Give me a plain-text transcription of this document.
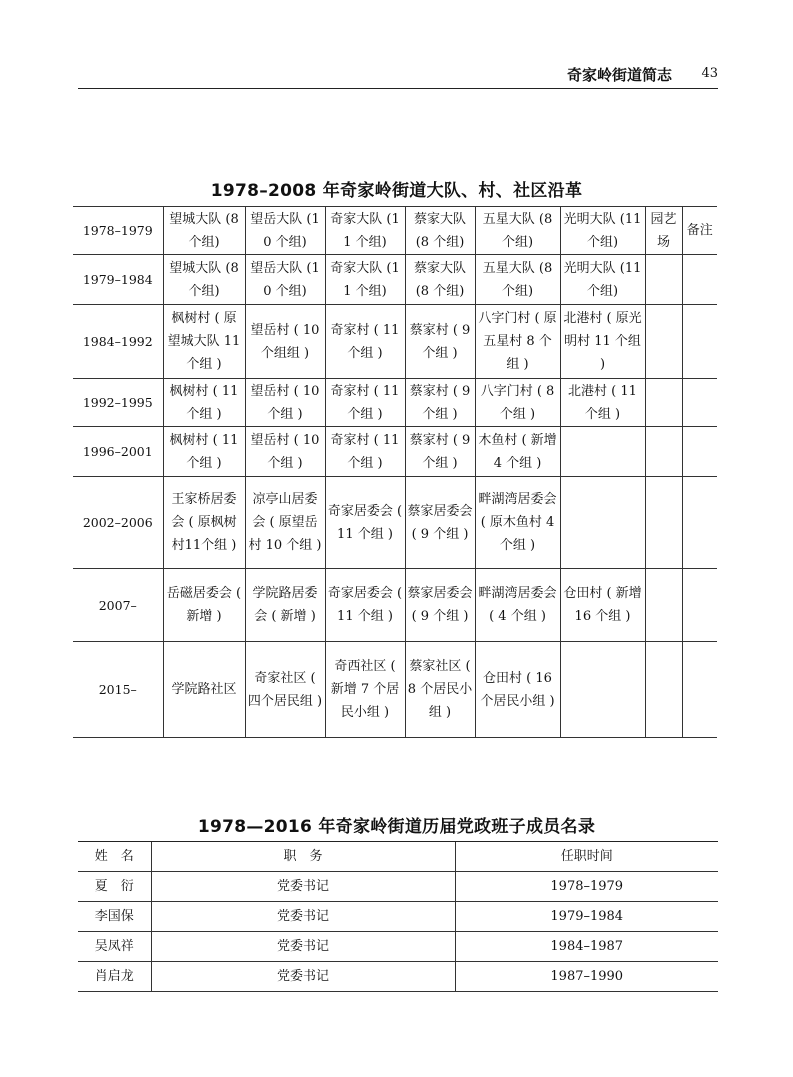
奇家岭街道简志 43
1978–2008 年奇家岭街道大队、村、社区沿革
1978–1979	望城大队 (8 个组)	望岳大队 (10 个组)	奇家大队 (11 个组)	蔡家大队 (8 个组)	五星大队 (8 个组)	光明大队 (11 个组)	园艺场	备注
1979–1984	望城大队 (8 个组)	望岳大队 (10 个组)	奇家大队 (11 个组)	蔡家大队 (8 个组)	五星大队 (8 个组)	光明大队 (11 个组)		
1984–1992	枫树村 ( 原望城大队 11 个组 )	望岳村 ( 10 个组组 )	奇家村 ( 11 个组 )	蔡家村 ( 9 个组 )	八字门村 ( 原五星村 8 个组 )	北港村 ( 原光明村 11 个组 )		
1992–1995	枫树村 ( 11 个组 )	望岳村 ( 10 个组 )	奇家村 ( 11 个组 )	蔡家村 ( 9 个组 )	八字门村 ( 8 个组 )	北港村 ( 11 个组 )		
1996–2001	枫树村 ( 11 个组 )	望岳村 ( 10 个组 )	奇家村 ( 11 个组 )	蔡家村 ( 9 个组 )	木鱼村 ( 新增 4 个组 )			
2002–2006	王家桥居委会 ( 原枫树村11个组 )	凉亭山居委会 ( 原望岳村 10 个组 )	奇家居委会 ( 11 个组 )	蔡家居委会 ( 9 个组 )	畔湖湾居委会 ( 原木鱼村 4 个组 )			
2007–	岳磁居委会 ( 新增 )	学院路居委会 ( 新增 )	奇家居委会 ( 11 个组 )	蔡家居委会 ( 9 个组 )	畔湖湾居委会( 4 个组 )	仓田村 ( 新增 16 个组 )		
2015–	学院路社区	奇家社区 ( 四个居民组 )	奇西社区 ( 新增 7 个居民小组 )	蔡家社区 ( 8 个居民小组 )	仓田村 ( 16 个居民小组 )			
1978—2016 年奇家岭街道历届党政班子成员名录
姓　名	职　务	任职时间
夏　衍	党委书记	1978–1979
李国保	党委书记	1979–1984
吴凤祥	党委书记	1984–1987
肖启龙	党委书记	1987–1990
